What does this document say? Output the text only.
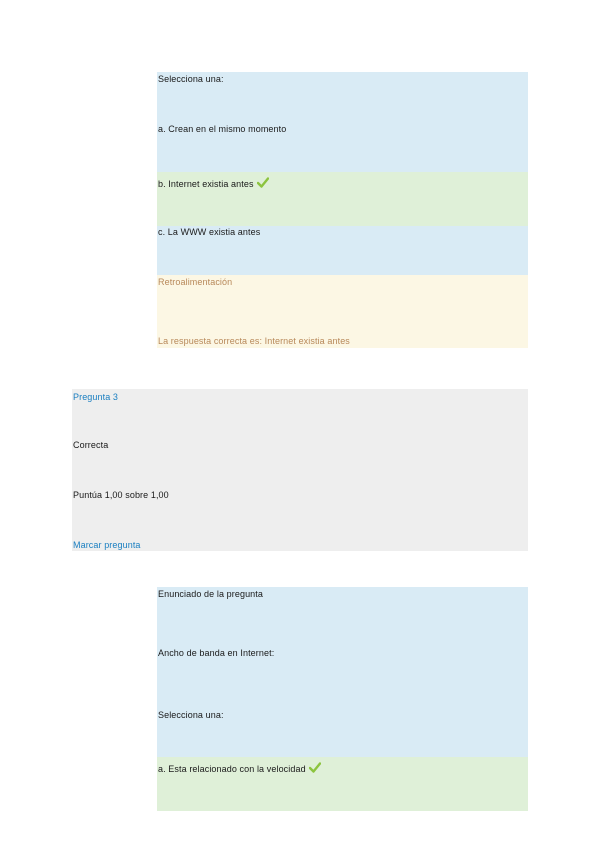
Selecciona una:
a. Crean en el mismo momento
b. Internet existia antes
c. La WWW existia antes
Retroalimentación
La respuesta correcta es: Internet existia antes
Pregunta 3
Correcta
Puntúa 1,00 sobre 1,00
Marcar pregunta
Enunciado de la pregunta
Ancho de banda en Internet:
Selecciona una:
a. Esta relacionado con la velocidad
